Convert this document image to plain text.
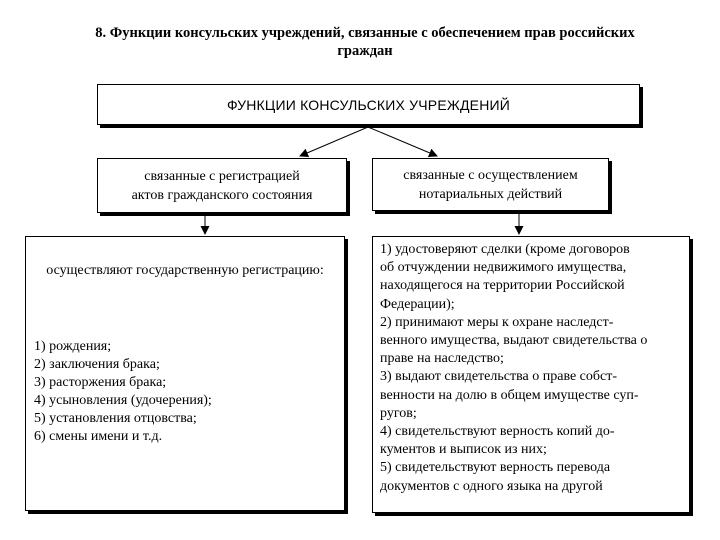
8. Функции консульских учреждений, связанные с обеспечением прав российских
граждан
ФУНКЦИИ КОНСУЛЬСКИХ УЧРЕЖДЕНИЙ
связанные с регистрацией
актов гражданского состояния
связанные с осуществлением
нотариальных действий
осуществляют государственную регистрацию:
1) рождения;
2) заключения брака;
3) расторжения брака;
4) усыновления (удочерения);
5) установления отцовства;
6) смены имени и т.д.
1) удостоверяют сделки (кроме договоров
об отчуждении недвижимого имущества,
находящегося на территории Российской
Федерации);
2) принимают меры к охране наследст-
венного имущества, выдают свидетельства о
праве на наследство;
3) выдают свидетельства о праве собст-
венности на долю в общем имуществе суп-
ругов;
4) свидетельствуют верность копий до-
кументов и выписок из них;
5) свидетельствуют верность перевода
документов с одного языка на другой
